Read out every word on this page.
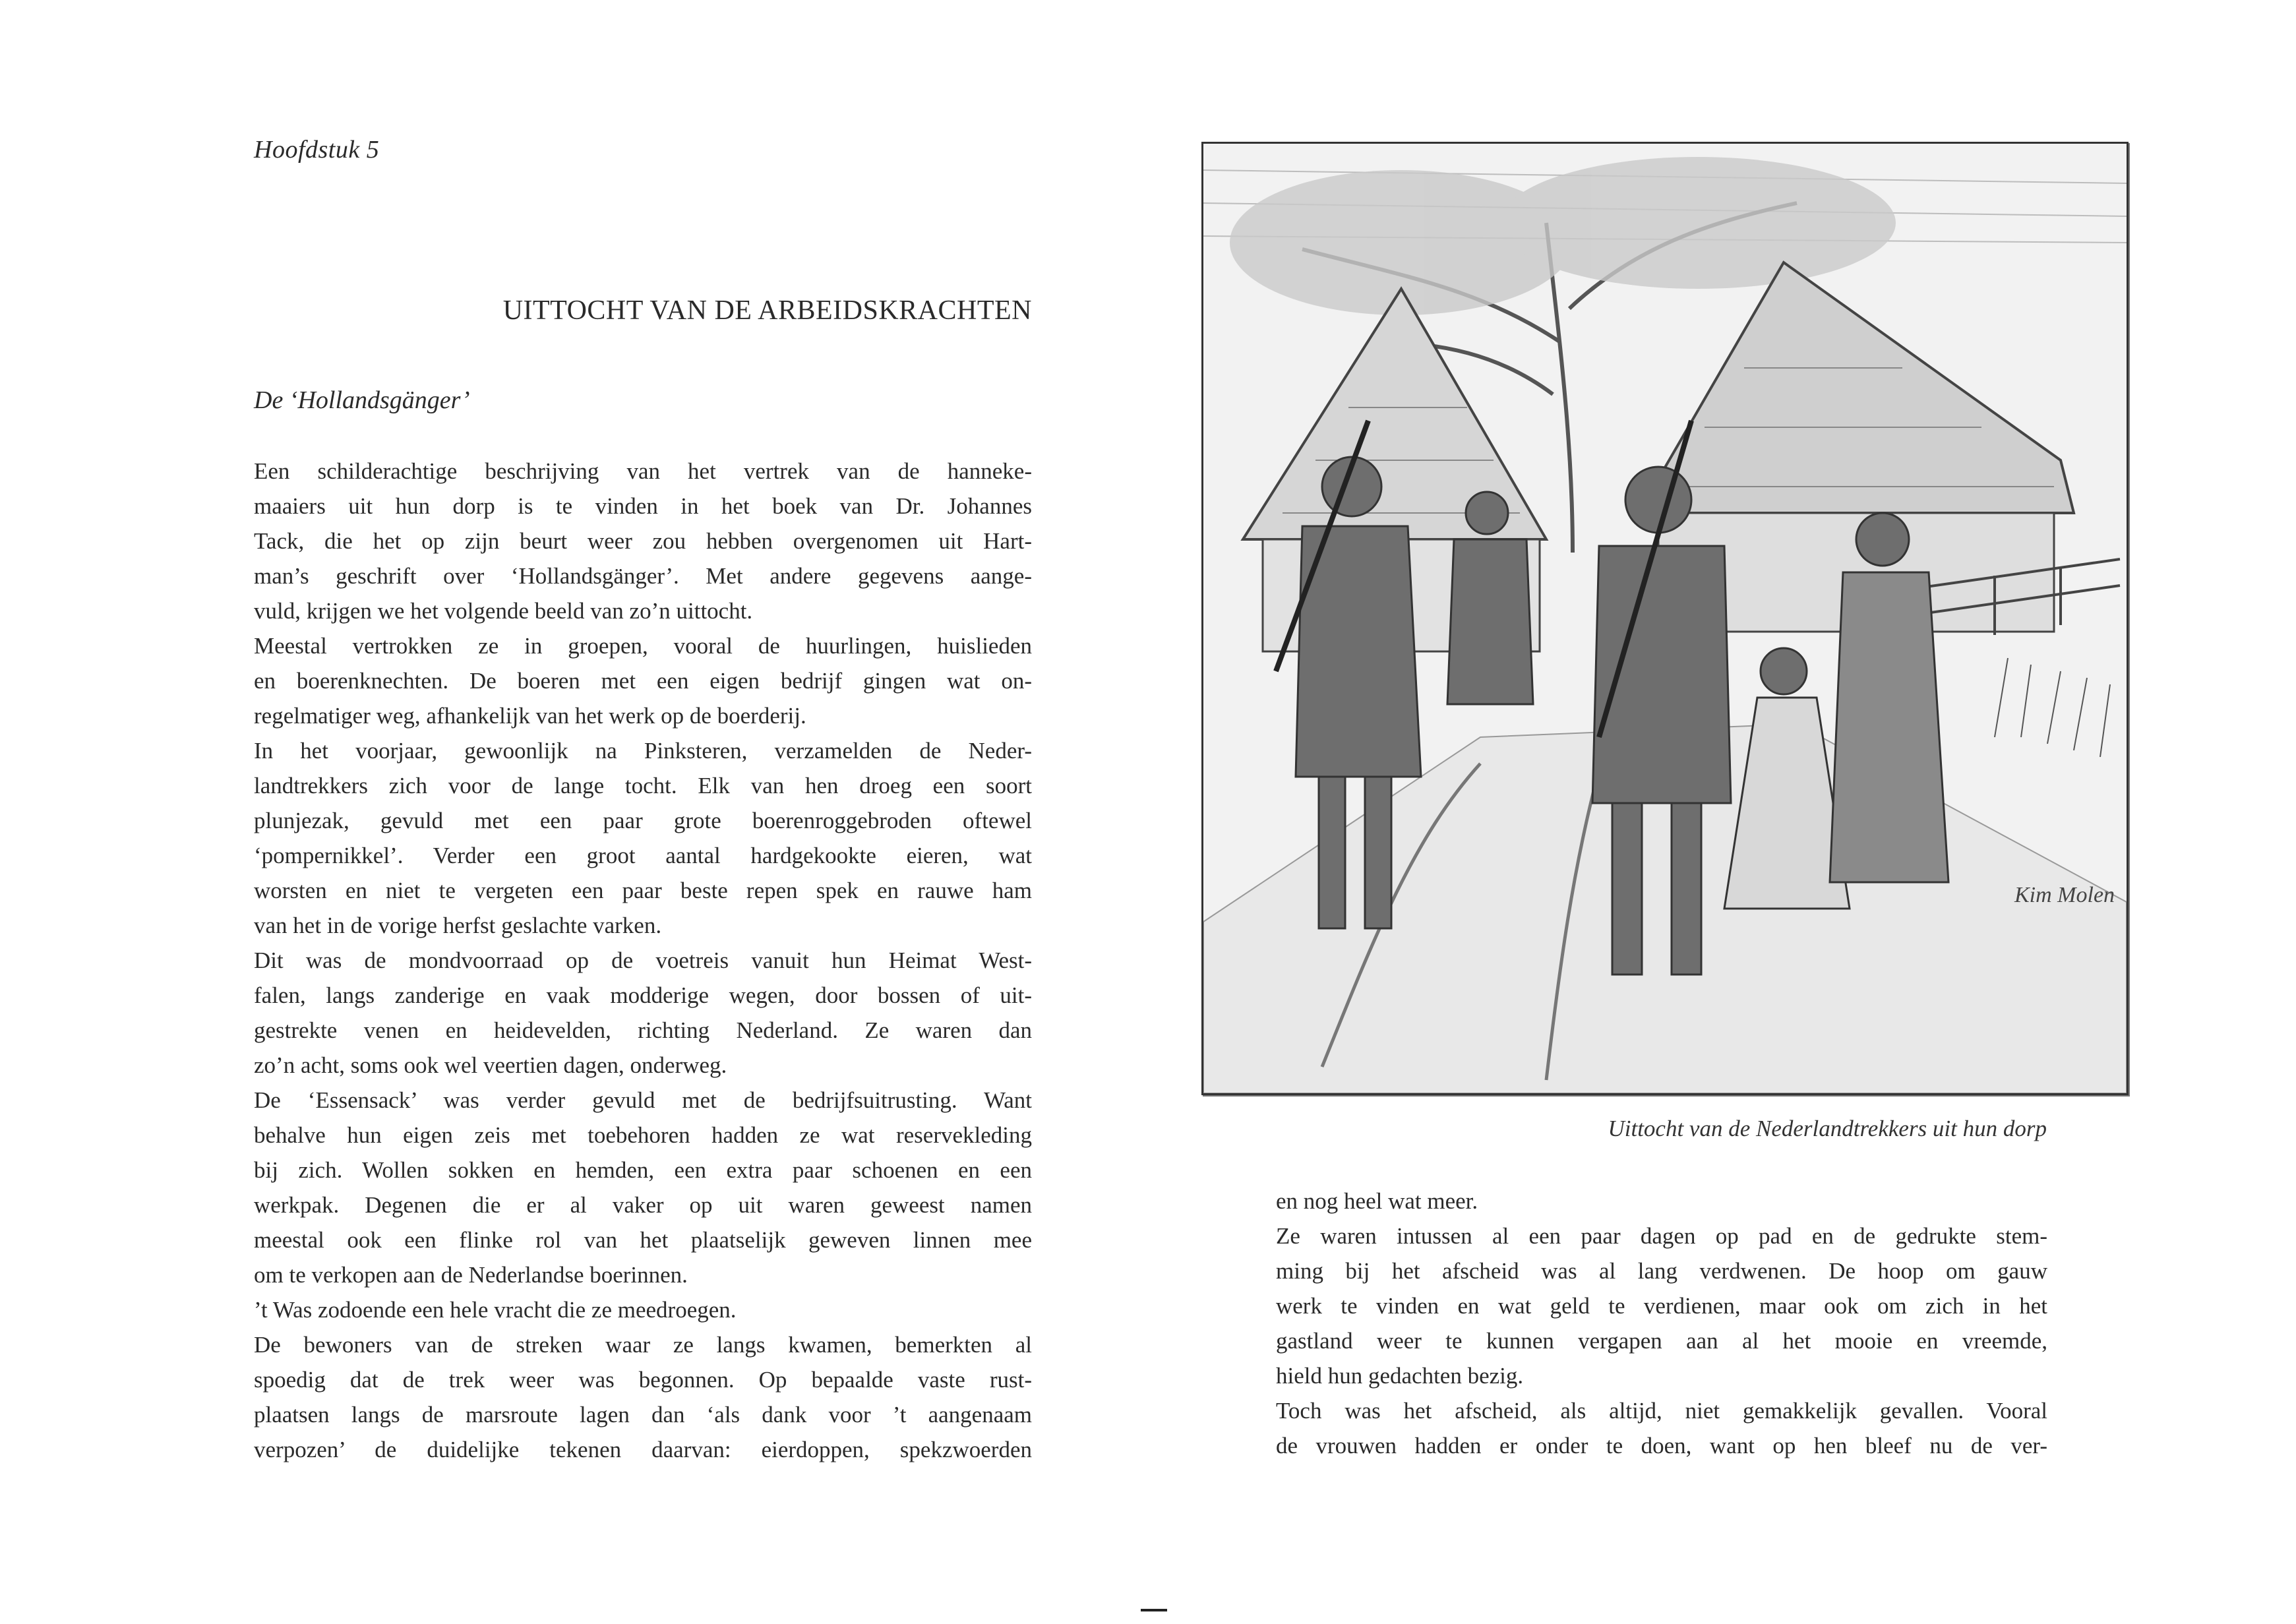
Hoofdstuk 5
UITTOCHT VAN DE ARBEIDSKRACHTEN
De ‘Hollandsgänger’
Een schilderachtige beschrijving van het vertrek van de hanneke-
maaiers uit hun dorp is te vinden in het boek van Dr. Johannes
Tack, die het op zijn beurt weer zou hebben overgenomen uit Hart-
man’s geschrift over ‘Hollandsgänger’. Met andere gegevens aange-
vuld, krijgen we het volgende beeld van zo’n uittocht.
Meestal vertrokken ze in groepen, vooral de huurlingen, huislieden
en boerenknechten. De boeren met een eigen bedrijf gingen wat on-
regelmatiger weg, afhankelijk van het werk op de boerderij.
In het voorjaar, gewoonlijk na Pinksteren, verzamelden de Neder-
landtrekkers zich voor de lange tocht. Elk van hen droeg een soort
plunjezak, gevuld met een paar grote boerenroggebroden oftewel
‘pompernikkel’. Verder een groot aantal hardgekookte eieren, wat
worsten en niet te vergeten een paar beste repen spek en rauwe ham
van het in de vorige herfst geslachte varken.
Dit was de mondvoorraad op de voetreis vanuit hun Heimat West-
falen, langs zanderige en vaak modderige wegen, door bossen of uit-
gestrekte venen en heidevelden, richting Nederland. Ze waren dan
zo’n acht, soms ook wel veertien dagen, onderweg.
De ‘Essensack’ was verder gevuld met de bedrijfsuitrusting. Want
behalve hun eigen zeis met toebehoren hadden ze wat reservekleding
bij zich. Wollen sokken en hemden, een extra paar schoenen en een
werkpak. Degenen die er al vaker op uit waren geweest namen
meestal ook een flinke rol van het plaatselijk geweven linnen mee
om te verkopen aan de Nederlandse boerinnen.
’t Was zodoende een hele vracht die ze meedroegen.
De bewoners van de streken waar ze langs kwamen, bemerkten al
spoedig dat de trek weer was begonnen. Op bepaalde vaste rust-
plaatsen langs de marsroute lagen dan ‘als dank voor ’t aangenaam
verpozen’ de duidelijke tekenen daarvan: eierdoppen, spekzwoerden
Kim Molen
Uittocht van de Nederlandtrekkers uit hun dorp
en nog heel wat meer.
Ze waren intussen al een paar dagen op pad en de gedrukte stem-
ming bij het afscheid was al lang verdwenen. De hoop om gauw
werk te vinden en wat geld te verdienen, maar ook om zich in het
gastland weer te kunnen vergapen aan al het mooie en vreemde,
hield hun gedachten bezig.
Toch was het afscheid, als altijd, niet gemakkelijk gevallen. Vooral
de vrouwen hadden er onder te doen, want op hen bleef nu de ver-
